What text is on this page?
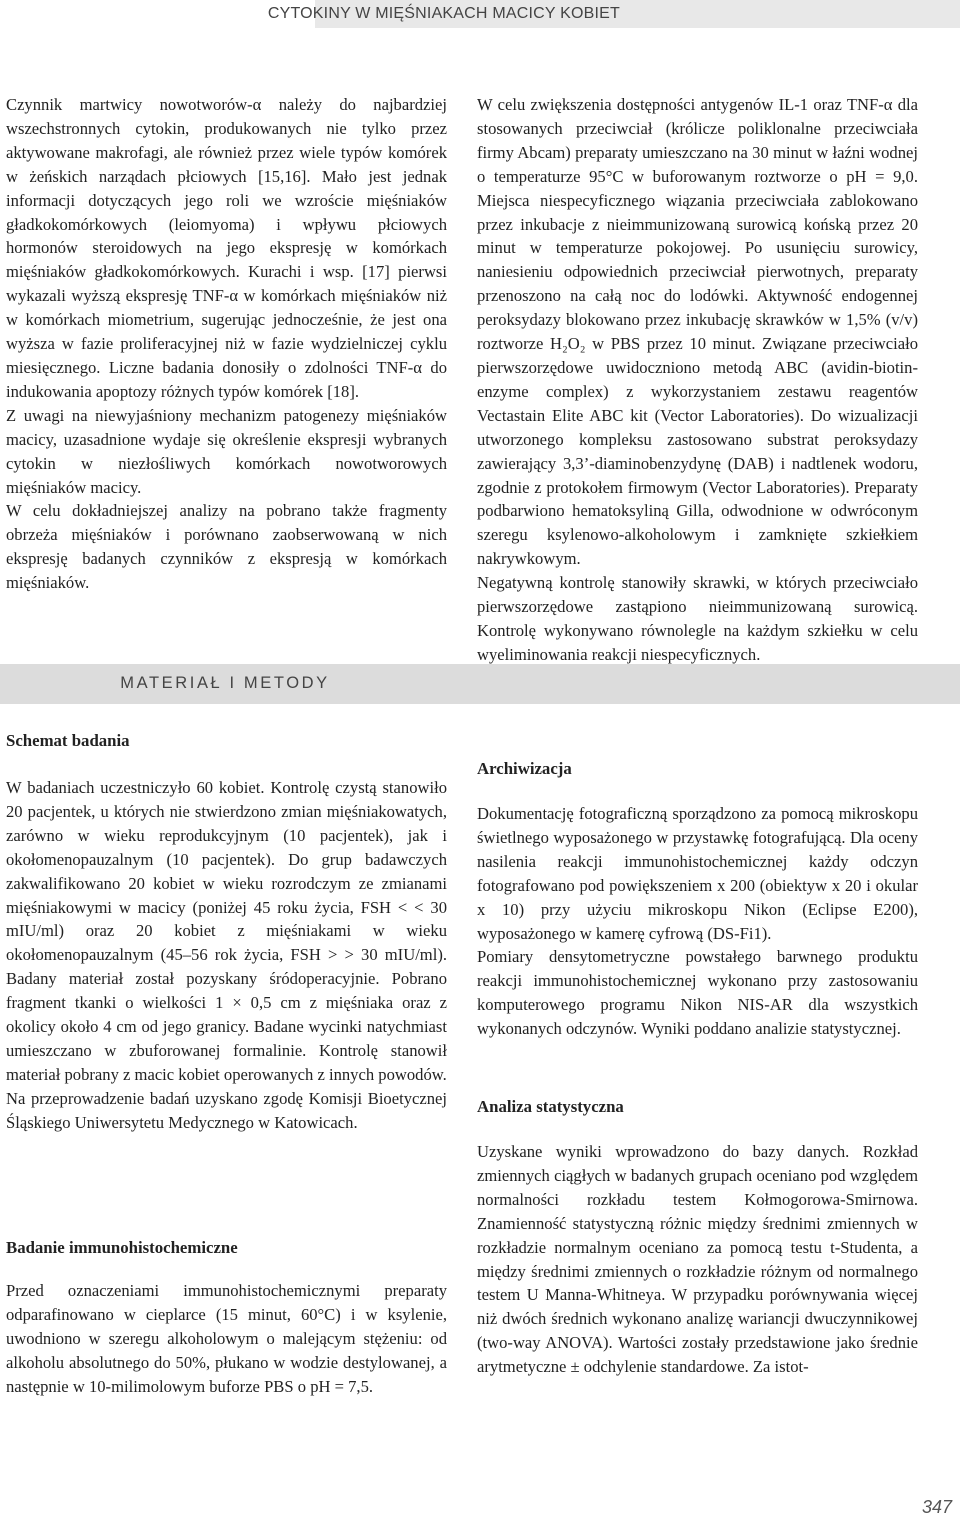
CYTOKINY W MIĘŚNIAKACH MACICY KOBIET

Czynnik martwicy nowotworów-α należy do najbardziej wszechstronnych cytokin, produkowanych nie tylko przez aktywowane makrofagi, ale również przez wiele typów komórek w żeńskich narządach płciowych [15,16]. Mało jest jednak informacji dotyczących jego roli we wzroście mięśniaków gładkokomórkowych (leiomyoma) i wpływu płciowych hormonów steroidowych na jego ekspresję w komórkach mięśniaków gładkokomórkowych. Kurachi i wsp. [17] pierwsi wykazali wyższą ekspresję TNF-α w komórkach mięśniaków niż w komórkach miometrium, sugerując jednocześnie, że jest ona wyższa w fazie proliferacyjnej niż w fazie wydzielniczej cyklu miesięcznego. Liczne badania donosiły o zdolności TNF-α do indukowania apoptozy różnych typów komórek [18].

Z uwagi na niewyjaśniony mechanizm patogenezy mięśniaków macicy, uzasadnione wydaje się określenie ekspresji wybranych cytokin w niezłośliwych komórkach nowotworowych mięśniaków macicy.

W celu dokładniejszej analizy na pobrano także fragmenty obrzeża mięśniaków i porównano zaobserwowaną w nich ekspresję badanych czynników z ekspresją w komórkach mięśniaków.

W celu zwiększenia dostępności antygenów IL-1 oraz TNF-α dla stosowanych przeciwciał (królicze poliklonalne przeciwciała firmy Abcam) preparaty umieszczano na 30 minut w łaźni wodnej o temperaturze 95°C w buforowanym roztworze o pH = 9,0. Miejsca niespecyficznego wiązania przeciwciała zablokowano przez inkubacje z nieimmunizowaną surowicą końską przez 20 minut w temperaturze pokojowej. Po usunięciu surowicy, naniesieniu odpowiednich przeciwciał pierwotnych, preparaty przenoszono na całą noc do lodówki. Aktywność endogennej peroksydazy blokowano przez inkubację skrawków w 1,5% (v/v) roztworze H₂O₂ w PBS przez 10 minut. Związane przeciwciało pierwszorzędowe uwidoczniono metodą ABC (avidin-biotin-enzyme complex) z wykorzystaniem zestawu reagentów Vectastain Elite ABC kit (Vector Laboratories). Do wizualizacji utworzonego kompleksu zastosowano substrat peroksydazy zawierający 3,3’-diaminobenzydynę (DAB) i nadtlenek wodoru, zgodnie z protokołem firmowym (Vector Laboratories). Preparaty podbarwiono hematoksyliną Gilla, odwodnione w odwróconym szeregu ksylenowo-alkoholowym i zamknięte szkiełkiem nakrywkowym.

Negatywną kontrolę stanowiły skrawki, w których przeciwciało pierwszorzędowe zastąpiono nieimmunizowaną surowicą. Kontrolę wykonywano równolegle na każdym szkiełku w celu wyeliminowania reakcji niespecyficznych.

MATERIAŁ I METODY
Schemat badania

W badaniach uczestniczyło 60 kobiet. Kontrolę czystą stanowiło 20 pacjentek, u których nie stwierdzono zmian mięśniakowatych, zarówno w wieku reprodukcyjnym (10 pacjentek), jak i okołomenopauzalnym (10 pacjentek). Do grup badawczych zakwalifikowano 20 kobiet w wieku rozrodczym ze zmianami mięśniakowymi w macicy (poniżej 45 roku życia, FSH < < 30 mIU/ml) oraz 20 kobiet z mięśniakami w wieku okołomenopauzalnym (45–56 rok życia, FSH > > 30 mIU/ml). Badany materiał został pozyskany śródoperacyjnie. Pobrano fragment tkanki o wielkości 1 × 0,5 cm z mięśniaka oraz z okolicy około 4 cm od jego granicy. Badane wycinki natychmiast umieszczano w zbuforowanej formalinie. Kontrolę stanowił materiał pobrany z macic kobiet operowanych z innych powodów.

Na przeprowadzenie badań uzyskano zgodę Komisji Bioetycznej Śląskiego Uniwersytetu Medycznego w Katowicach.

Badanie immunohistochemiczne
Przed oznaczeniami immunohistochemicznymi preparaty odparafinowano w cieplarce (15 minut, 60°C) i w ksylenie, uwodniono w szeregu alkoholowym o malejącym stężeniu: od alkoholu absolutnego do 50%, płukano w wodzie destylowanej, a następnie w 10-milimolowym buforze PBS o pH = 7,5.
Archiwizacja

Dokumentację fotograficzną sporządzono za pomocą mikroskopu świetlnego wyposażonego w przystawkę fotografującą. Dla oceny nasilenia reakcji immunohistochemicznej każdy odczyn fotografowano pod powiększeniem x 200 (obiektyw x 20 i okular x 10) przy użyciu mikroskopu Nikon (Eclipse E200), wyposażonego w kamerę cyfrową (DS-Fi1).

Pomiary densytometryczne powstałego barwnego produktu reakcji immunohistochemicznej wykonano przy zastosowaniu komputerowego programu Nikon NIS-AR dla wszystkich wykonanych odczynów. Wyniki poddano analizie statystycznej.

Analiza statystyczna
Uzyskane wyniki wprowadzono do bazy danych. Rozkład zmiennych ciągłych w badanych grupach oceniano pod względem normalności rozkładu testem Kołmogorowa-Smirnowa. Znamienność statystyczną różnic między średnimi zmiennych w rozkładzie normalnym oceniano za pomocą testu t-Studenta, a między średnimi zmiennych o rozkładzie różnym od normalnego testem U Manna-Whitneya. W przypadku porównywania więcej niż dwóch średnich wykonano analizę wariancji dwuczynnikowej (two-way ANOVA). Wartości zostały przedstawione jako średnie arytmetyczne ± odchylenie standardowe. Za istot-
347
